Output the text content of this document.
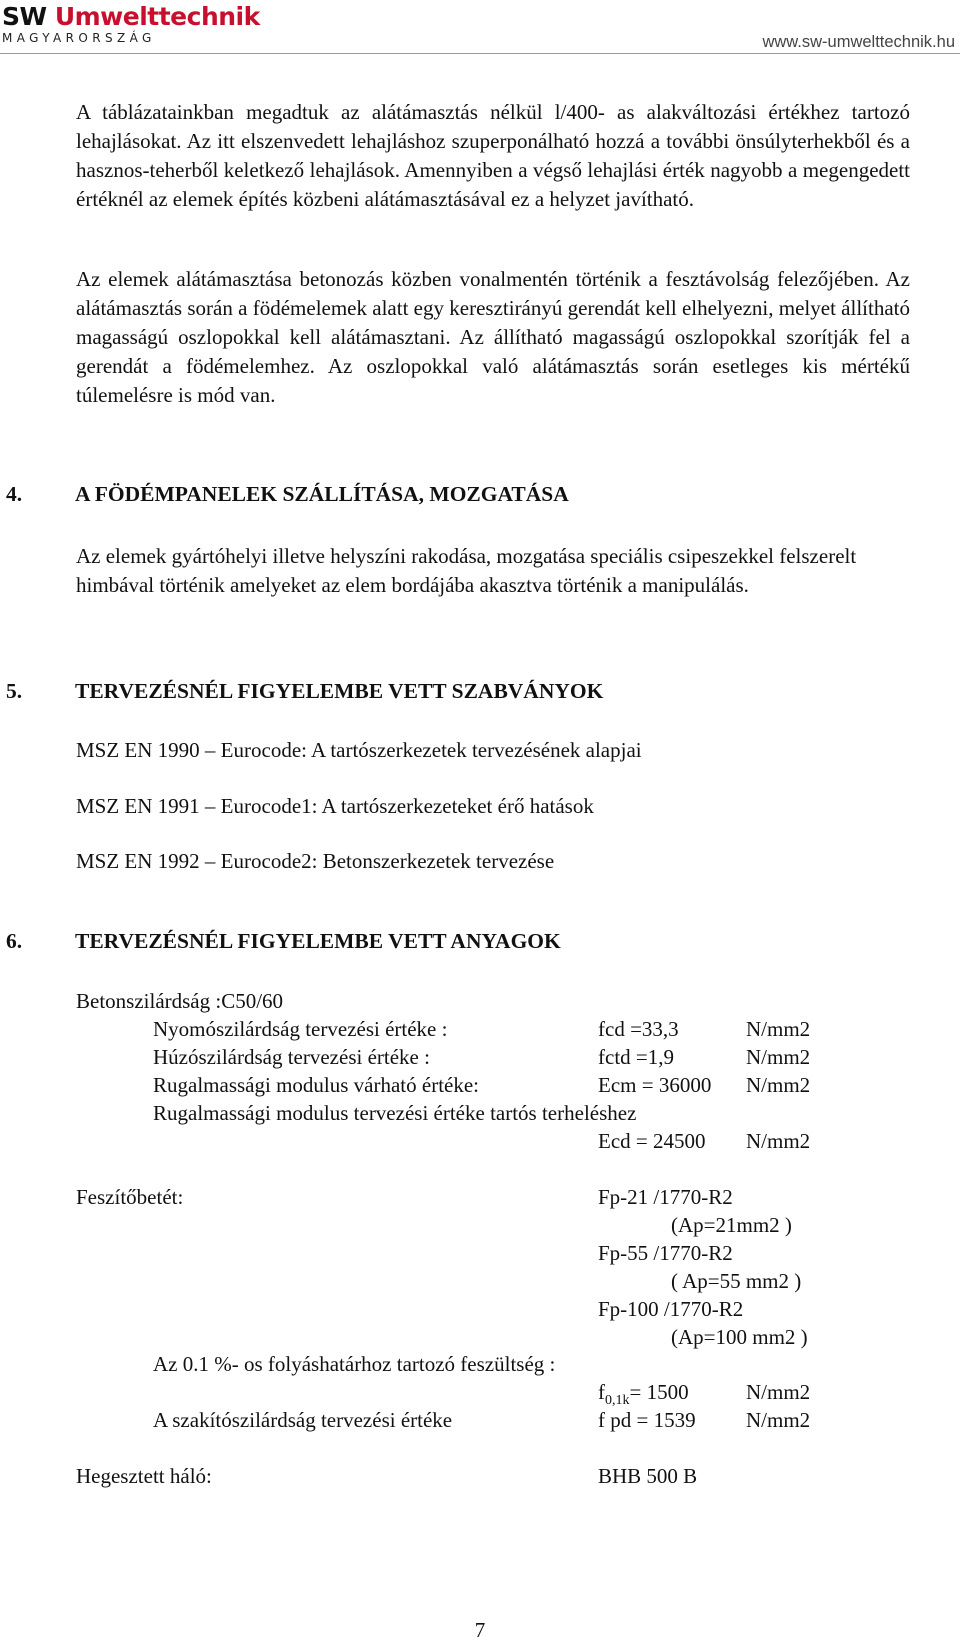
SW Umwelttechnik
MAGYARORSZÁG	www.sw-umwelttechnik.hu

A táblázatainkban megadtuk az alátámasztás nélkül l/400- as alakváltozási értékhez tartozó lehajlásokat. Az itt elszenvedett lehajláshoz szuperponálható hozzá a további önsúlyterhekből és a hasznos-teherből keletkező lehajlások. Amennyiben a végső lehajlási érték nagyobb a megengedett értéknél az elemek építés közbeni alátámasztásával ez a helyzet javítható.

Az elemek alátámasztása betonozás közben vonalmentén történik a fesztávolság felezőjében. Az alátámasztás során a födémelemek alatt egy keresztirányú gerendát kell elhelyezni, melyet állítható magasságú oszlopokkal kell alátámasztani. Az állítható magasságú oszlopokkal szorítják fel a gerendát a födémelemhez. Az oszlopokkal való alátámasztás során esetleges kis mértékű túlemelésre is mód van.

4. A FÖDÉMPANELEK SZÁLLÍTÁSA, MOZGATÁSA

Az elemek gyártóhelyi illetve helyszíni rakodása, mozgatása speciális csipeszekkel felszerelt himbával történik amelyeket az elem bordájába akasztva történik a manipulálás.

5. TERVEZÉSNÉL FIGYELEMBE VETT SZABVÁNYOK
MSZ EN 1990 – Eurocode: A tartószerkezetek tervezésének alapjai
MSZ EN 1991 – Eurocode1: A tartószerkezeteket érő hatások
MSZ EN 1992 – Eurocode2: Betonszerkezetek tervezése
6. TERVEZÉSNÉL FIGYELEMBE VETT ANYAGOK
Betonszilárdság :C50/60
Nyomószilárdság tervezési értéke :	fcd =33,3	N/mm2
Húzószilárdság tervezési értéke :	fctd =1,9	N/mm2
Rugalmassági modulus várható értéke:	Ecm = 36000 N/mm2
Rugalmassági modulus tervezési értéke tartós terheléshez
Ecd = 24500 N/mm2
Feszítőbetét:	Fp-21 /1770-R2
(Ap=21mm2 )
Fp-55 /1770-R2
( Ap=55 mm2 )
Fp-100 /1770-R2
(Ap=100 mm2 )
Az 0.1 %- os folyáshatárhoz tartozó feszültség :
$f_{0,1k}= 1500$	N/mm2
A szakítószilárdság tervezési értéke	f pd = 1539 N/mm2
Hegesztett háló:	BHB 500 B
7
